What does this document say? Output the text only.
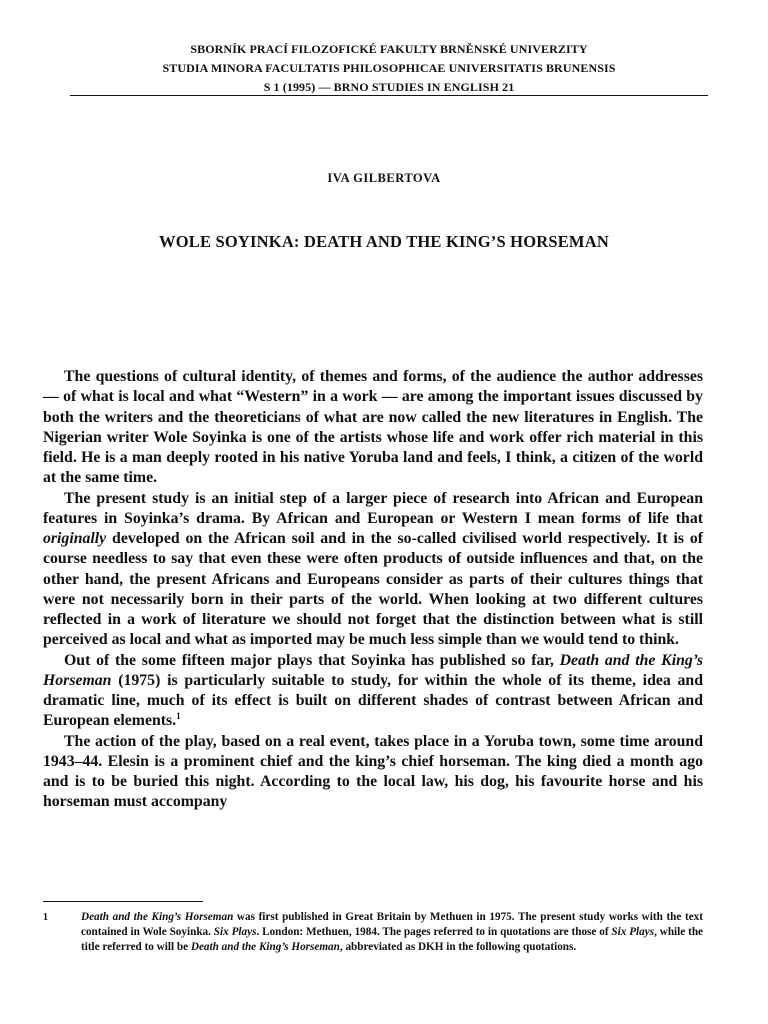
SBORNÍK PRACÍ FILOZOFICKÉ FAKULTY BRNĚNSKÉ UNIVERZITY
STUDIA MINORA FACULTATIS PHILOSOPHICAE UNIVERSITATIS BRUNENSIS
S 1 (1995) — BRNO STUDIES IN ENGLISH 21
IVA GILBERTOVA
WOLE SOYINKA: DEATH AND THE KING’S HORSEMAN

The questions of cultural identity, of themes and forms, of the audience the author addresses — of what is local and what “Western” in a work — are among the important issues discussed by both the writers and the theoreticians of what are now called the new literatures in English. The Nigerian writer Wole Soyinka is one of the artists whose life and work offer rich material in this field. He is a man deeply rooted in his native Yoruba land and feels, I think, a citizen of the world at the same time.

The present study is an initial step of a larger piece of research into African and European features in Soyinka’s drama. By African and European or Western I mean forms of life that originally developed on the African soil and in the so-called civilised world respectively. It is of course needless to say that even these were often products of outside influences and that, on the other hand, the present Africans and Europeans consider as parts of their cultures things that were not necessarily born in their parts of the world. When looking at two different cultures reflected in a work of literature we should not forget that the distinction between what is still perceived as local and what as imported may be much less simple than we would tend to think.

Out of the some fifteen major plays that Soyinka has published so far, Death and the King’s Horseman (1975) is particularly suitable to study, for within the whole of its theme, idea and dramatic line, much of its effect is built on different shades of contrast between African and European elements.$^1$

The action of the play, based on a real event, takes place in a Yoruba town, some time around 1943–44. Elesin is a prominent chief and the king’s chief horseman. The king died a month ago and is to be buried this night. According to the local law, his dog, his favourite horse and his horseman must accompany

1	Death and the King’s Horseman was first published in Great Britain by Methuen in 1975. The present study works with the text contained in Wole Soyinka. Six Plays. London: Methuen, 1984. The pages referred to in quotations are those of Six Plays, while the title referred to will be Death and the King’s Horseman, abbreviated as DKH in the following quotations.
